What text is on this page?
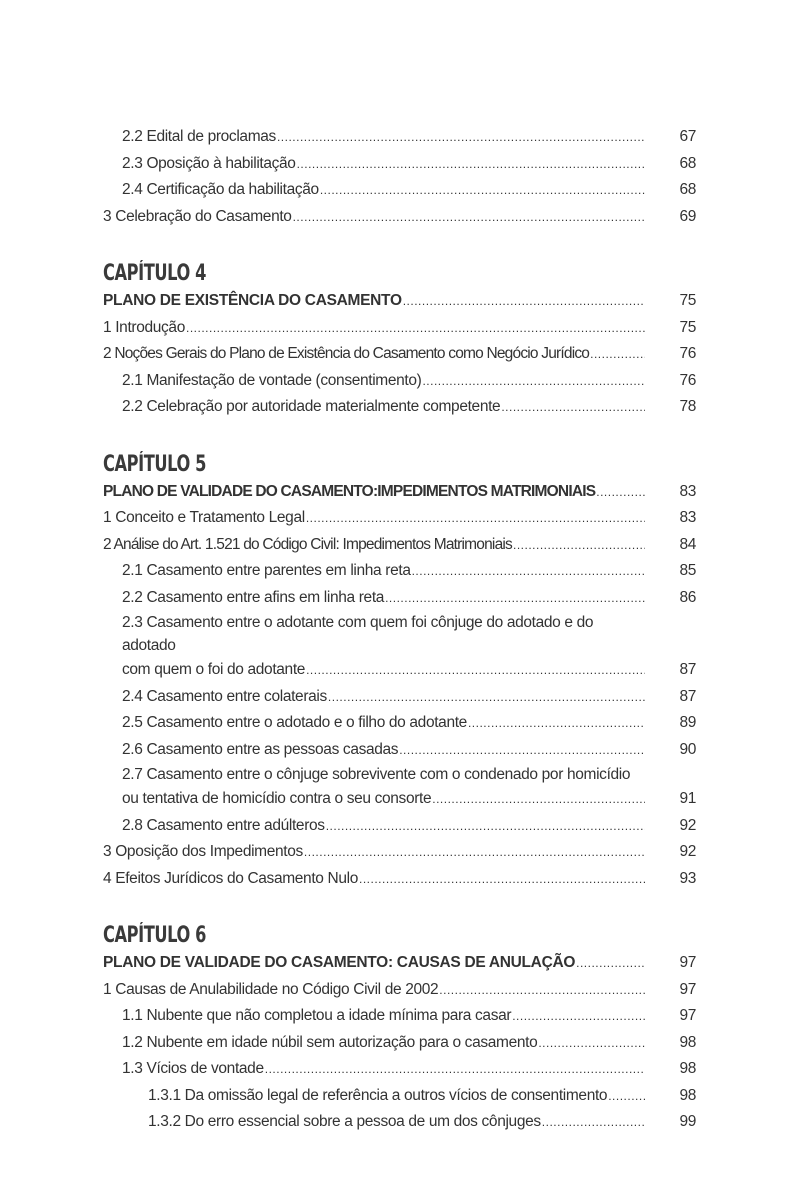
2.2 Edital de proclamas .....	67
2.3 Oposição à habilitação .....	68
2.4 Certificação da habilitação .....	68
3 Celebração do Casamento .....	69
CAPÍTULO 4
PLANO DE EXISTÊNCIA DO CASAMENTO .....	75
1 Introdução .....	75
2 Noções Gerais do Plano de Existência do Casamento como Negócio Jurídico .....	76
2.1 Manifestação de vontade (consentimento) .....	76
2.2 Celebração por autoridade materialmente competente .....	78
CAPÍTULO 5
PLANO DE VALIDADE DO CASAMENTO:IMPEDIMENTOS MATRIMONIAIS .....	83
1 Conceito e Tratamento Legal .....	83
2 Análise do Art. 1.521 do Código Civil: Impedimentos Matrimoniais .....	84
2.1 Casamento entre parentes em linha reta .....	85
2.2 Casamento entre afins em linha reta .....	86
2.3 Casamento entre o adotante com quem foi cônjuge do adotado e do adotado
com quem o foi do adotante .....	87
2.4 Casamento entre colaterais .....	87
2.5 Casamento entre o adotado e o filho do adotante .....	89
2.6 Casamento entre as pessoas casadas .....	90
2.7 Casamento entre o cônjuge sobrevivente com o condenado por homicídio
ou tentativa de homicídio contra o seu consorte .....	91
2.8 Casamento entre adúlteros .....	92
3 Oposição dos Impedimentos .....	92
4 Efeitos Jurídicos do Casamento Nulo .....	93
CAPÍTULO 6
PLANO DE VALIDADE DO CASAMENTO: CAUSAS DE ANULAÇÃO .....	97
1 Causas de Anulabilidade no Código Civil de 2002 .....	97
1.1 Nubente que não completou a idade mínima para casar .....	97
1.2 Nubente em idade núbil sem autorização para o casamento .....	98
1.3 Vícios de vontade .....	98
1.3.1 Da omissão legal de referência a outros vícios de consentimento .....	98
1.3.2 Do erro essencial sobre a pessoa de um dos cônjuges .....	99
